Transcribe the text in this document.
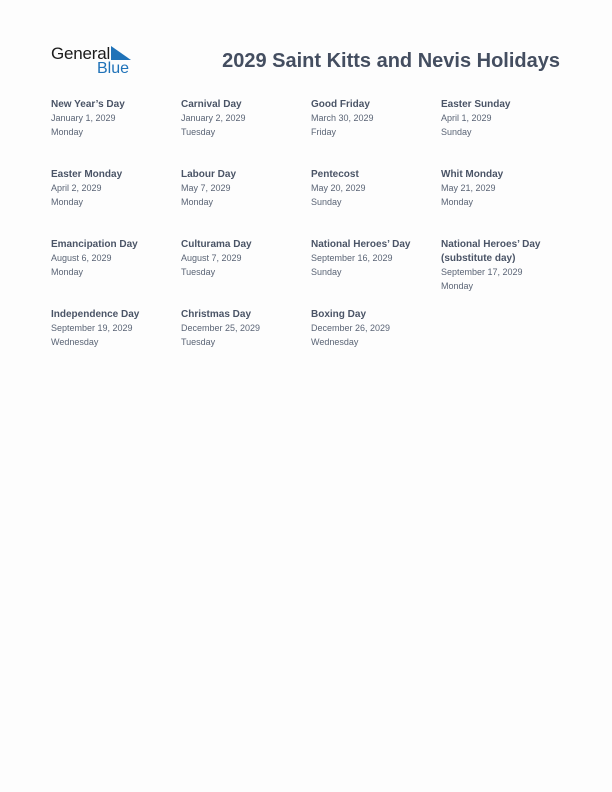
General
Blue	2029 Saint Kitts and Nevis Holidays
New Year’s Day
January 1, 2029
Monday
Carnival Day
January 2, 2029
Tuesday
Good Friday
March 30, 2029
Friday
Easter Sunday
April 1, 2029
Sunday
Easter Monday
April 2, 2029
Monday
Labour Day
May 7, 2029
Monday
Pentecost
May 20, 2029
Sunday
Whit Monday
May 21, 2029
Monday
Emancipation Day
August 6, 2029
Monday
Culturama Day
August 7, 2029
Tuesday
National Heroes’ Day
September 16, 2029
Sunday
National Heroes’ Day (substitute day)
September 17, 2029
Monday
Independence Day
September 19, 2029
Wednesday
Christmas Day
December 25, 2029
Tuesday
Boxing Day
December 26, 2029
Wednesday
